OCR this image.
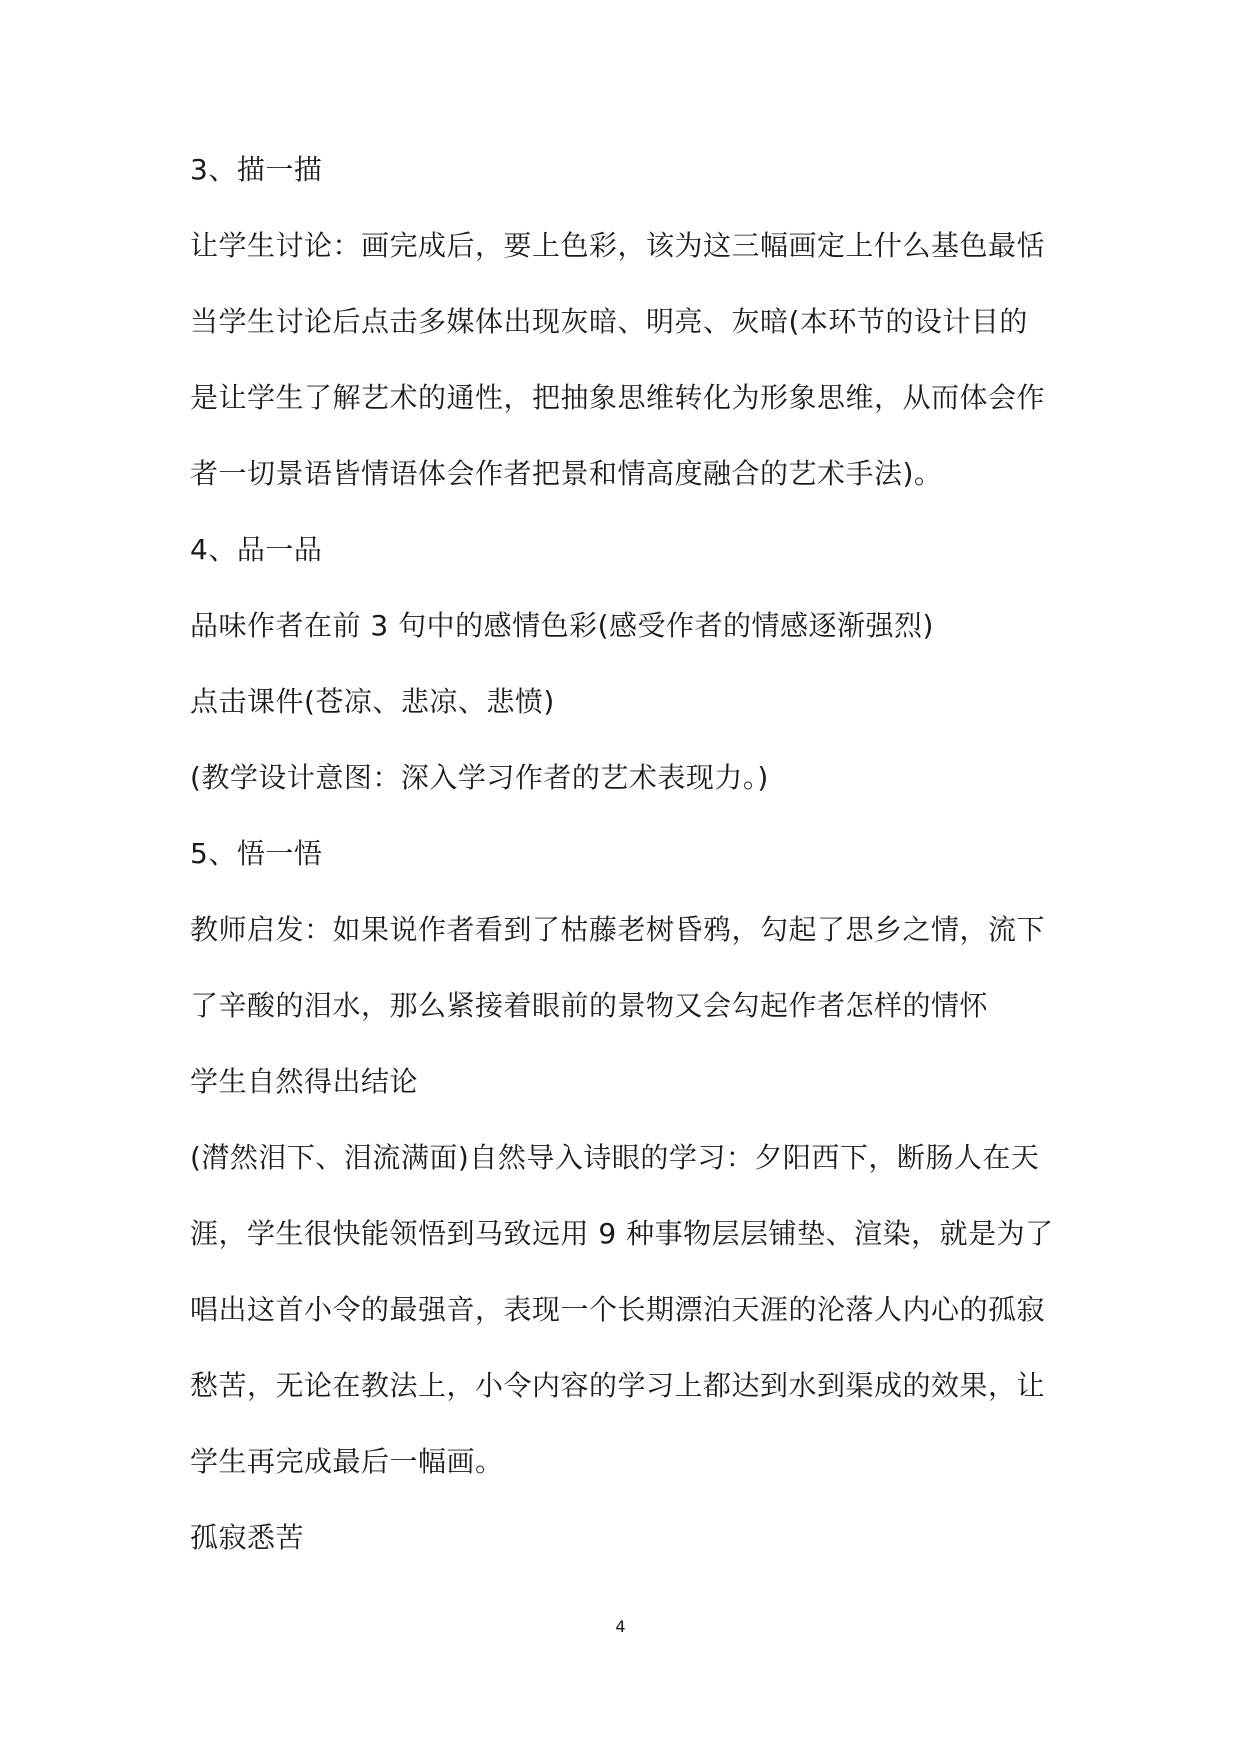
3、描一描
让学生讨论：画完成后，要上色彩，该为这三幅画定上什么基色最恬
当学生讨论后点击多媒体出现灰暗、明亮、灰暗(本环节的设计目的
是让学生了解艺术的通性，把抽象思维转化为形象思维，从而体会作
者一切景语皆情语体会作者把景和情高度融合的艺术手法)。
4、品一品
品味作者在前 3 句中的感情色彩(感受作者的情感逐渐强烈)
点击课件(苍凉、悲凉、悲愤)
(教学设计意图：深入学习作者的艺术表现力。)
5、悟一悟
教师启发：如果说作者看到了枯藤老树昏鸦，勾起了思乡之情，流下
了辛酸的泪水，那么紧接着眼前的景物又会勾起作者怎样的情怀
学生自然得出结论
(潸然泪下、泪流满面)自然导入诗眼的学习：夕阳西下，断肠人在天
涯，学生很快能领悟到马致远用 9 种事物层层铺垫、渲染，就是为了
唱出这首小令的最强音，表现一个长期漂泊天涯的沦落人内心的孤寂
愁苦，无论在教法上，小令内容的学习上都达到水到渠成的效果，让
学生再完成最后一幅画。
孤寂悉苦
4
